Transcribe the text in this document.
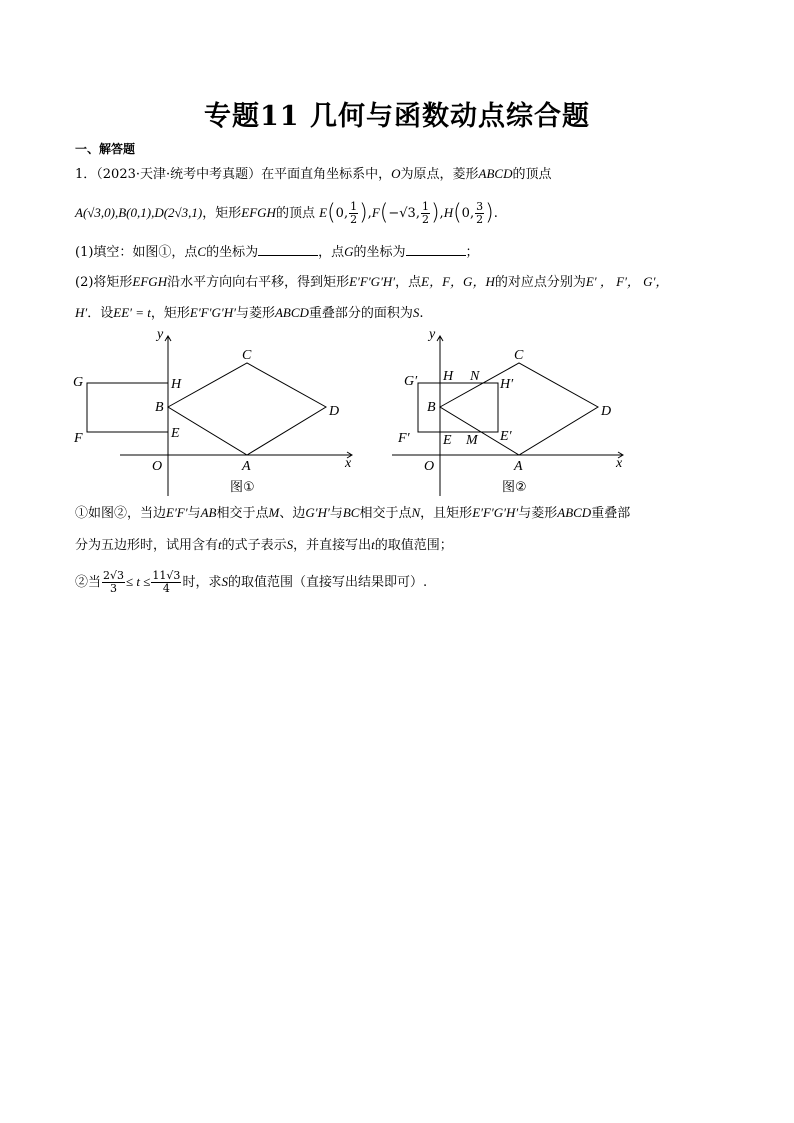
专题11 几何与函数动点综合题
一、解答题
1．（2023·天津·统考中考真题）在平面直角坐标系中，O为原点，菱形ABCD的顶点
A(√3,0),B(0,1),D(2√3,1)，矩形EFGH的顶点 E(0, $\frac{1}{2} ),F(-√3$, $\frac{1}{2} ),H(0$, $\frac{3}{2}$ ).
(1)填空：如图①，点C的坐标为	，点G的坐标为	；
(2)将矩形EFGH沿水平方向向右平移，得到矩形E′F′G′H′，点E，F，G，H的对应点分别为E′ ， F′， G′，
H′．设EE′ = t，矩形E′F′G′H′与菱形ABCD重叠部分的面积为S.
y
x
O	A
B
C
D
E
F
G	H
图①
y
x
O	A
B
C
D
E
F′
G′ H N
H′
M E′
图②
①如图②，当边E′F′与AB相交于点M、边G′H′与BC相交于点N，且矩形E′F′G′H′与菱形ABCD重叠部
分为五边形时，试用含有t的式子表示S，并直接写出t的取值范围；
②当 $\frac{2√3}{3} \le t \le \frac{11√3}{4}$ 时，求S的取值范围（直接写出结果即可）.
